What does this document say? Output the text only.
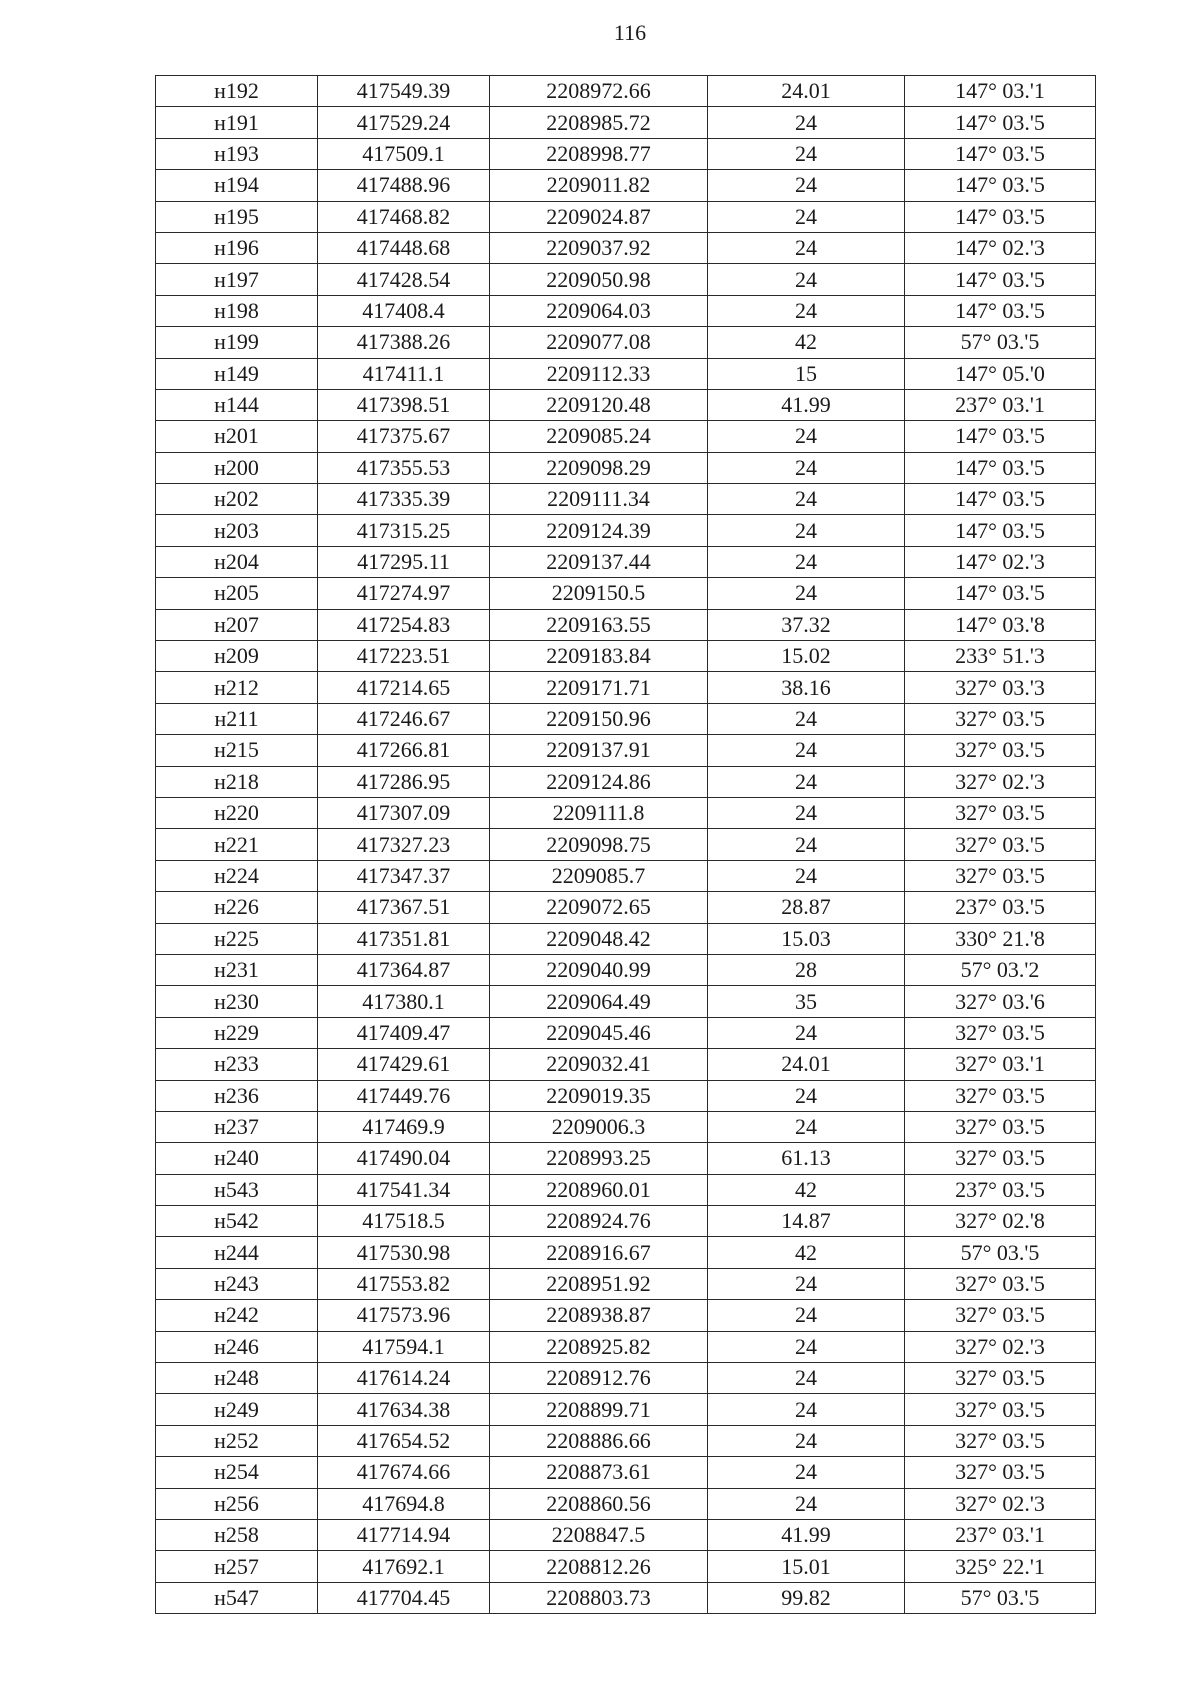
116
н192	417549.39	2208972.66	24.01	147° 03.'1
н191	417529.24	2208985.72	24	147° 03.'5
н193	417509.1	2208998.77	24	147° 03.'5
н194	417488.96	2209011.82	24	147° 03.'5
н195	417468.82	2209024.87	24	147° 03.'5
н196	417448.68	2209037.92	24	147° 02.'3
н197	417428.54	2209050.98	24	147° 03.'5
н198	417408.4	2209064.03	24	147° 03.'5
н199	417388.26	2209077.08	42	57° 03.'5
н149	417411.1	2209112.33	15	147° 05.'0
н144	417398.51	2209120.48	41.99	237° 03.'1
н201	417375.67	2209085.24	24	147° 03.'5
н200	417355.53	2209098.29	24	147° 03.'5
н202	417335.39	2209111.34	24	147° 03.'5
н203	417315.25	2209124.39	24	147° 03.'5
н204	417295.11	2209137.44	24	147° 02.'3
н205	417274.97	2209150.5	24	147° 03.'5
н207	417254.83	2209163.55	37.32	147° 03.'8
н209	417223.51	2209183.84	15.02	233° 51.'3
н212	417214.65	2209171.71	38.16	327° 03.'3
н211	417246.67	2209150.96	24	327° 03.'5
н215	417266.81	2209137.91	24	327° 03.'5
н218	417286.95	2209124.86	24	327° 02.'3
н220	417307.09	2209111.8	24	327° 03.'5
н221	417327.23	2209098.75	24	327° 03.'5
н224	417347.37	2209085.7	24	327° 03.'5
н226	417367.51	2209072.65	28.87	237° 03.'5
н225	417351.81	2209048.42	15.03	330° 21.'8
н231	417364.87	2209040.99	28	57° 03.'2
н230	417380.1	2209064.49	35	327° 03.'6
н229	417409.47	2209045.46	24	327° 03.'5
н233	417429.61	2209032.41	24.01	327° 03.'1
н236	417449.76	2209019.35	24	327° 03.'5
н237	417469.9	2209006.3	24	327° 03.'5
н240	417490.04	2208993.25	61.13	327° 03.'5
н543	417541.34	2208960.01	42	237° 03.'5
н542	417518.5	2208924.76	14.87	327° 02.'8
н244	417530.98	2208916.67	42	57° 03.'5
н243	417553.82	2208951.92	24	327° 03.'5
н242	417573.96	2208938.87	24	327° 03.'5
н246	417594.1	2208925.82	24	327° 02.'3
н248	417614.24	2208912.76	24	327° 03.'5
н249	417634.38	2208899.71	24	327° 03.'5
н252	417654.52	2208886.66	24	327° 03.'5
н254	417674.66	2208873.61	24	327° 03.'5
н256	417694.8	2208860.56	24	327° 02.'3
н258	417714.94	2208847.5	41.99	237° 03.'1
н257	417692.1	2208812.26	15.01	325° 22.'1
н547	417704.45	2208803.73	99.82	57° 03.'5
